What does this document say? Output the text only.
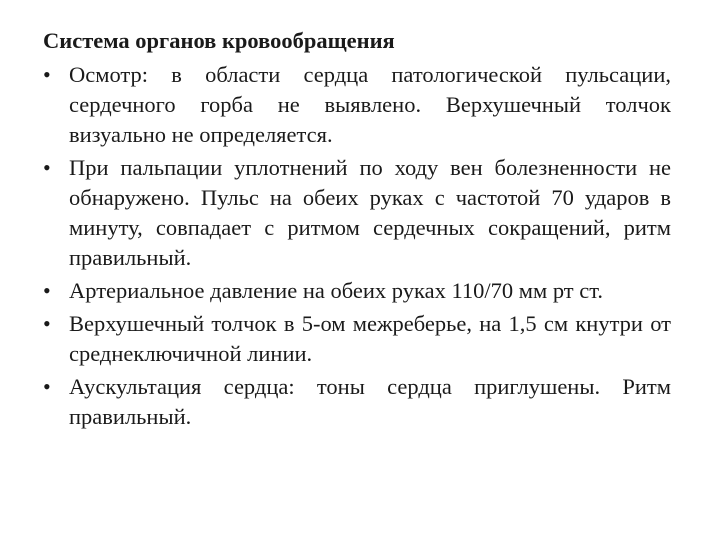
Система органов кровообращения
• Осмотр: в области сердца патологической пульсации, сердечного горба не выявлено. Верхушечный толчок визуально не определяется.
• При пальпации уплотнений по ходу вен болезненности не обнаружено. Пульс на обеих руках с частотой 70 ударов в минуту, совпадает с ритмом сердечных сокращений, ритм правильный.
• Артериальное давление на обеих руках 110/70 мм рт ст.
• Верхушечный толчок в 5-ом межреберье, на 1,5 см кнутри от среднеключичной линии.
• Аускультация сердца: тоны сердца приглушены. Ритм правильный.
